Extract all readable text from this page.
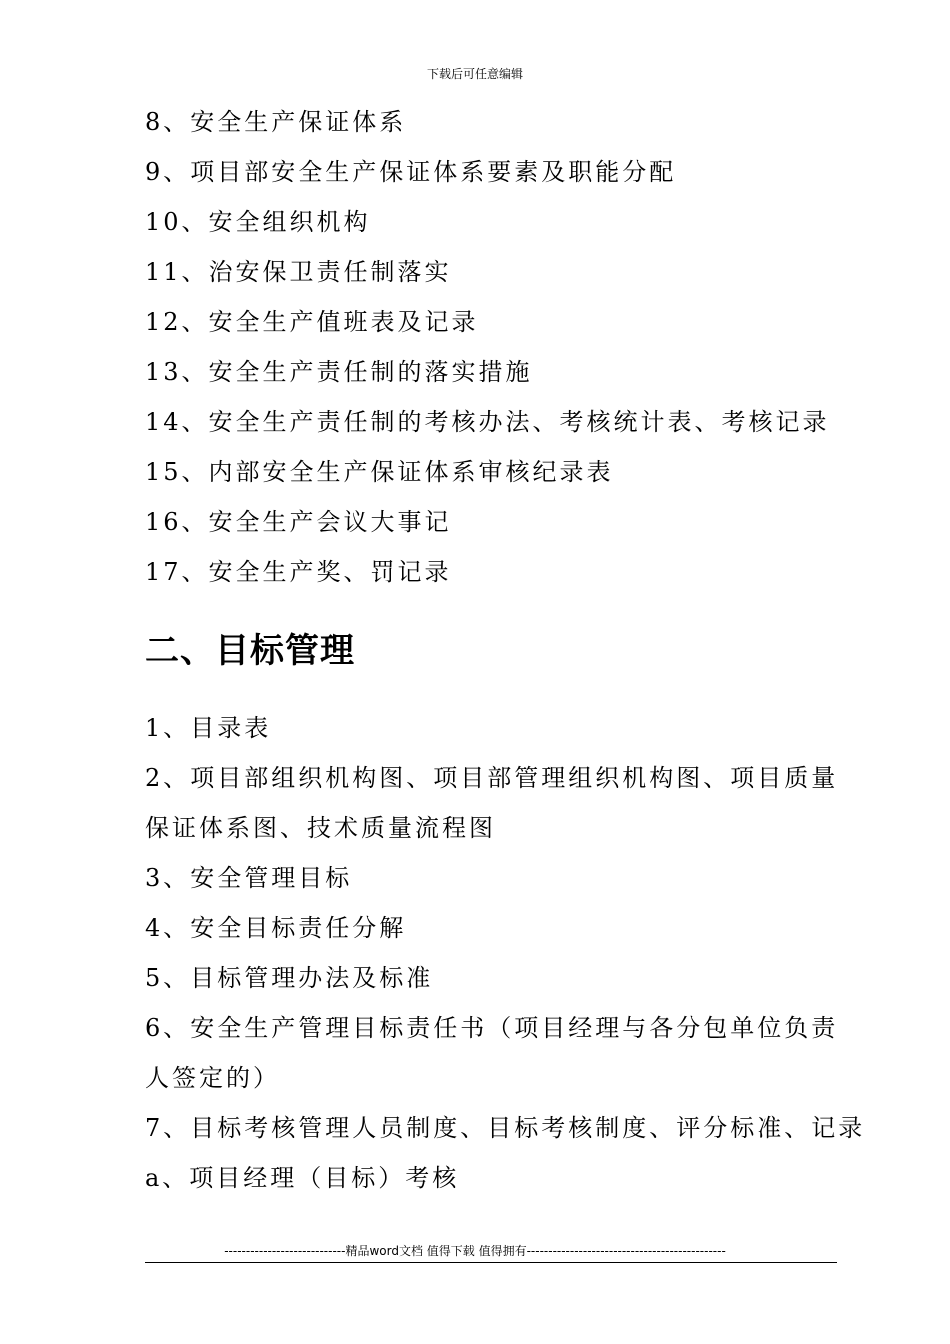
下载后可任意编辑
8、安全生产保证体系
9、项目部安全生产保证体系要素及职能分配
10、安全组织机构
11、治安保卫责任制落实
12、安全生产值班表及记录
13、安全生产责任制的落实措施
14、安全生产责任制的考核办法、考核统计表、考核记录
15、内部安全生产保证体系审核纪录表
16、安全生产会议大事记
17、安全生产奖、罚记录
二、目标管理
1、目录表
2、项目部组织机构图、项目部管理组织机构图、项目质量保证体系图、技术质量流程图
3、安全管理目标
4、安全目标责任分解
5、目标管理办法及标准
6、安全生产管理目标责任书（项目经理与各分包单位负责人签定的）
7、目标考核管理人员制度、目标考核制度、评分标准、记录
a、项目经理（目标）考核
----------------------------精品word文档 值得下载 值得拥有----------------------------------------------
